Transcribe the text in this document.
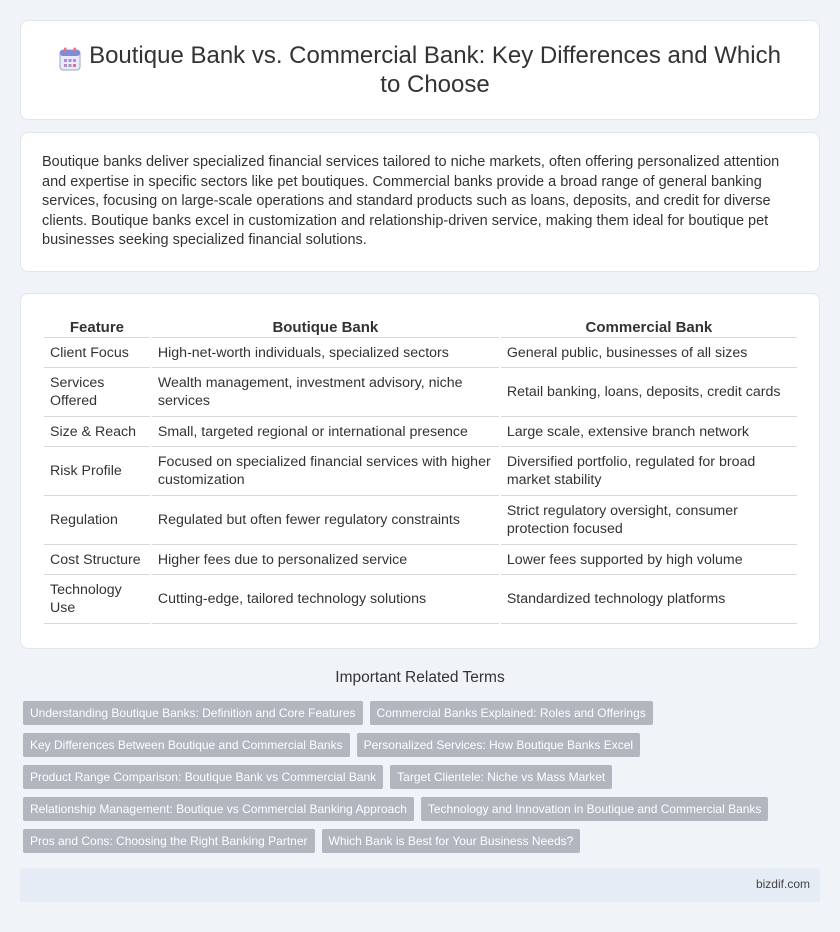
Boutique Bank vs. Commercial Bank: Key Differences and Which to Choose

Boutique banks deliver specialized financial services tailored to niche markets, often offering personalized attention and expertise in specific sectors like pet boutiques. Commercial banks provide a broad range of general banking services, focusing on large-scale operations and standard products such as loans, deposits, and credit for diverse clients. Boutique banks excel in customization and relationship-driven service, making them ideal for boutique pet businesses seeking specialized financial solutions.

Feature	Boutique Bank	Commercial Bank
Client Focus	High-net-worth individuals, specialized sectors	General public, businesses of all sizes
Services Offered	Wealth management, investment advisory, niche services	Retail banking, loans, deposits, credit cards
Size & Reach	Small, targeted regional or international presence	Large scale, extensive branch network
Risk Profile	Focused on specialized financial services with higher customization	Diversified portfolio, regulated for broad market stability
Regulation	Regulated but often fewer regulatory constraints	Strict regulatory oversight, consumer protection focused
Cost Structure	Higher fees due to personalized service	Lower fees supported by high volume
Technology Use	Cutting-edge, tailored technology solutions	Standardized technology platforms
Important Related Terms
Understanding Boutique Banks: Definition and Core Features	Commercial Banks Explained: Roles and Offerings
Key Differences Between Boutique and Commercial Banks	Personalized Services: How Boutique Banks Excel
Product Range Comparison: Boutique Bank vs Commercial Bank	Target Clientele: Niche vs Mass Market
Relationship Management: Boutique vs Commercial Banking Approach	Technology and Innovation in Boutique and Commercial Banks
Pros and Cons: Choosing the Right Banking Partner	Which Bank is Best for Your Business Needs?
bizdif.com
